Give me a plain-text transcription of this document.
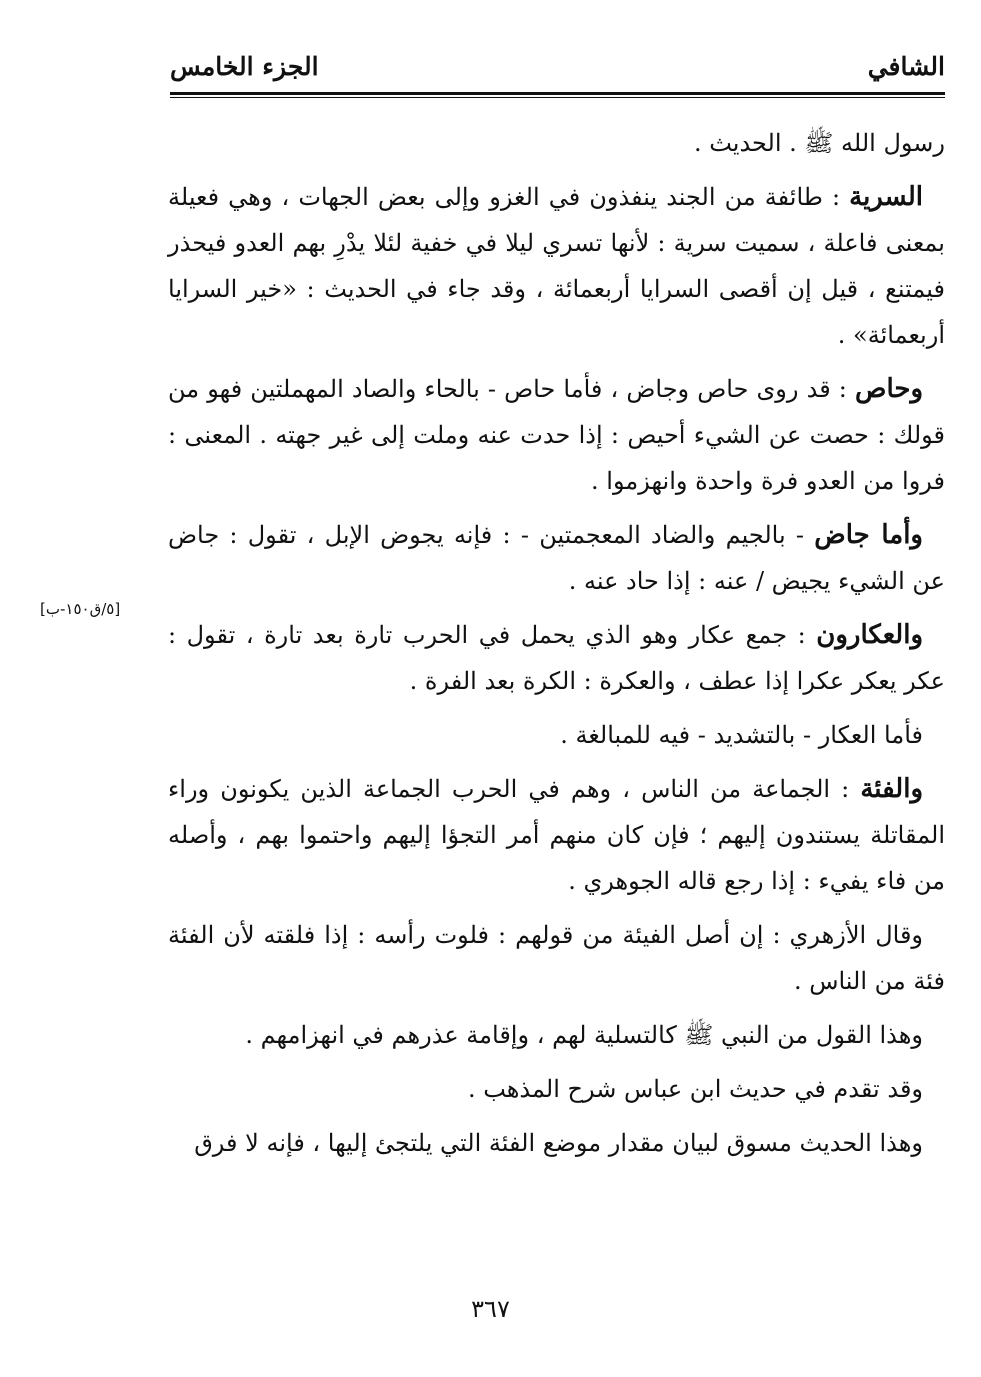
الشافي
الجزء الخامس
[٥/ق١٥٠-ب]

رسول الله ﷺ . الحديث .

السرية : طائفة من الجند ينفذون في الغزو وإلى بعض الجهات ، وهي فعيلة بمعنى فاعلة ، سميت سرية : لأنها تسري ليلا في خفية لئلا يدْرِ بهم العدو فيحذر فيمتنع ، قيل إن أقصى السرايا أربعمائة ، وقد جاء في الحديث : «خير السرايا أربعمائة» .

وحاص : قد روى حاص وجاض ، فأما حاص - بالحاء والصاد المهملتين فهو من قولك : حصت عن الشيء أحيص : إذا حدت عنه وملت إلى غير جهته . المعنى : فروا من العدو فرة واحدة وانهزموا .

وأما جاض - بالجيم والضاد المعجمتين - : فإنه يجوض الإبل ، تقول : جاض عن الشيء يجيض / عنه : إذا حاد عنه .

والعكارون : جمع عكار وهو الذي يحمل في الحرب تارة بعد تارة ، تقول : عكر يعكر عكرا إذا عطف ، والعكرة : الكرة بعد الفرة .

فأما العكار - بالتشديد - فيه للمبالغة .

والفئة : الجماعة من الناس ، وهم في الحرب الجماعة الذين يكونون وراء المقاتلة يستندون إليهم ؛ فإن كان منهم أمر التجؤا إليهم واحتموا بهم ، وأصله من فاء يفيء : إذا رجع قاله الجوهري .

وقال الأزهري : إن أصل الفيئة من قولهم : فلوت رأسه : إذا فلقته لأن الفئة فئة من الناس .

وهذا القول من النبي ﷺ كالتسلية لهم ، وإقامة عذرهم في انهزامهم .

وقد تقدم في حديث ابن عباس شرح المذهب .

وهذا الحديث مسوق لبيان مقدار موضع الفئة التي يلتجئ إليها ، فإنه لا فرق

٣٦٧
